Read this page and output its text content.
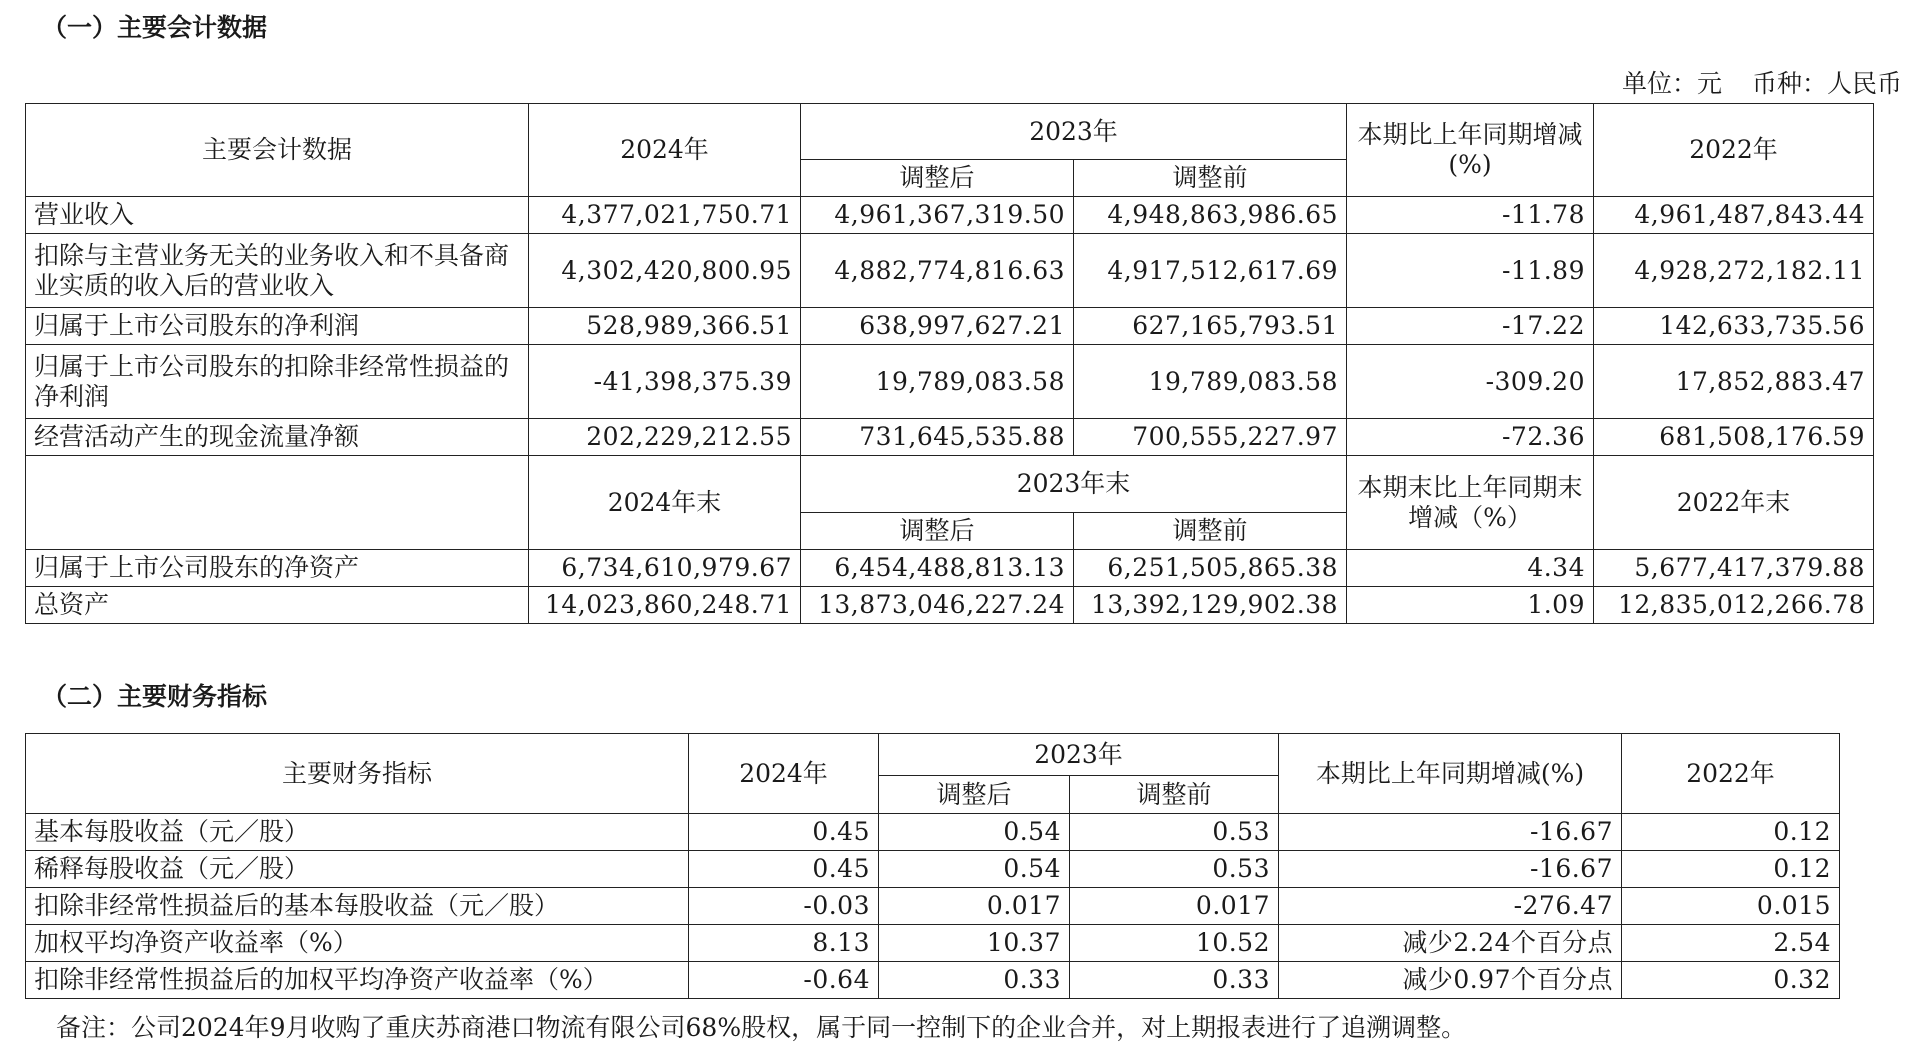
（一）主要会计数据
单位：元 币种：人民币
主要会计数据	2024年	2023年		本期比上年同期增减(%)	2022年
		调整后	调整前		
营业收入	4,377,021,750.71	4,961,367,319.50	4,948,863,986.65	-11.78	4,961,487,843.44
扣除与主营业务无关的业务收入和不具备商业实质的收入后的营业收入	4,302,420,800.95	4,882,774,816.63	4,917,512,617.69	-11.89	4,928,272,182.11
归属于上市公司股东的净利润	528,989,366.51	638,997,627.21	627,165,793.51	-17.22	142,633,735.56
归属于上市公司股东的扣除非经常性损益的净利润	-41,398,375.39	19,789,083.58	19,789,083.58	-309.20	17,852,883.47
经营活动产生的现金流量净额	202,229,212.55	731,645,535.88	700,555,227.97	-72.36	681,508,176.59
	2024年末	2023年末		本期末比上年同期末增减（%）	2022年末
		调整后	调整前		
归属于上市公司股东的净资产	6,734,610,979.67	6,454,488,813.13	6,251,505,865.38	4.34	5,677,417,379.88
总资产	14,023,860,248.71	13,873,046,227.24	13,392,129,902.38	1.09	12,835,012,266.78
（二）主要财务指标
主要财务指标	2024年	2023年		本期比上年同期增减(%)	2022年
		调整后	调整前		
基本每股收益（元／股）	0.45	0.54	0.53	-16.67	0.12
稀释每股收益（元／股）	0.45	0.54	0.53	-16.67	0.12
扣除非经常性损益后的基本每股收益（元／股）	-0.03	0.017	0.017	-276.47	0.015
加权平均净资产收益率（%）	8.13	10.37	10.52	减少2.24个百分点	2.54
扣除非经常性损益后的加权平均净资产收益率（%）	-0.64	0.33	0.33	减少0.97个百分点	0.32
备注：公司2024年9月收购了重庆苏商港口物流有限公司68%股权，属于同一控制下的企业合并，对上期报表进行了追溯调整。
